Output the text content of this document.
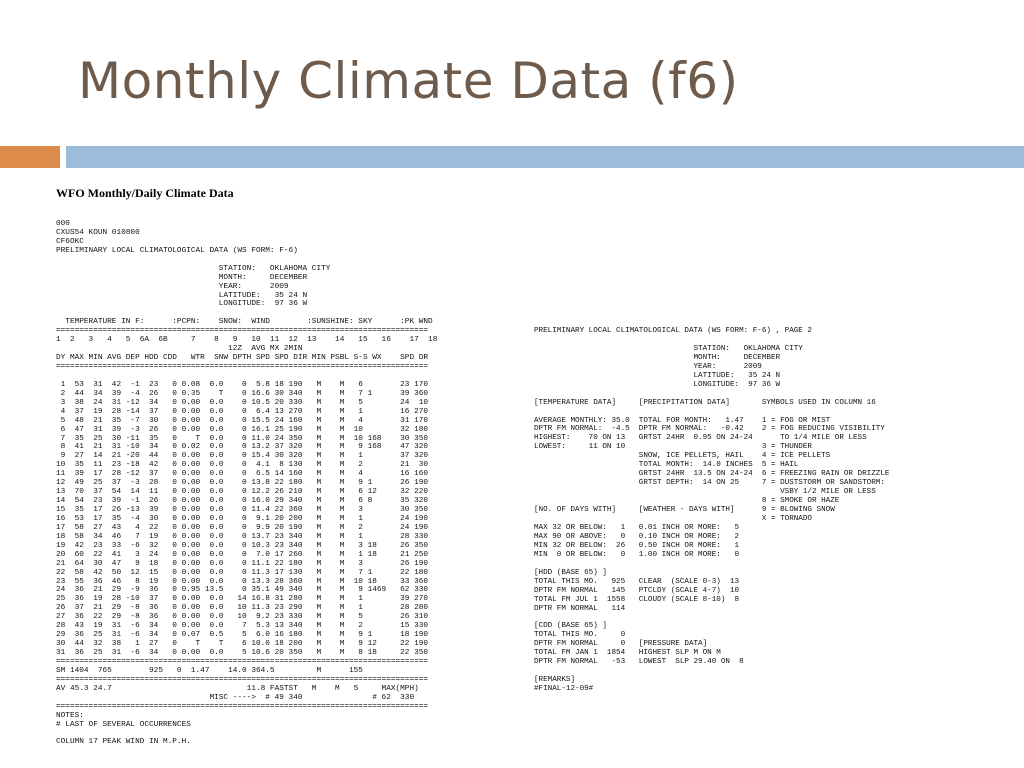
Monthly Climate Data (f6)
WFO Monthly/Daily Climate Data
000
CXUS54 KOUN 010800
CF6OKC
PRELIMINARY LOCAL CLIMATOLOGICAL DATA (WS FORM: F-6)

STATION:   OKLAHOMA CITY
MONTH:     DECEMBER
YEAR:      2009
LATITUDE:   35 24 N
LONGITUDE:  97 36 W

TEMPERATURE IN F:      :PCPN:    SNOW:  WIND        :SUNSHINE: SKY      :PK WND
================================================================================
1  2   3   4   5  6A  6B     7    8   9   10  11  12  13    14   15   16    17  18
12Z  AVG MX 2MIN
DY MAX MIN AVG DEP HDD CDD   WTR  SNW DPTH SPD SPD DIR MIN PSBL S-S WX    SPD DR
================================================================================

1  53  31  42  -1  23   0 0.08  0.0    0  5.8 18 190   M    M   6        23 170
2  44  34  39  -4  26   0 0.35    T    0 16.6 30 340   M    M   7 1      39 360
3  38  24  31 -12  34   0 0.00  0.0    0 10.5 20 330   M    M   5        24  10
4  37  19  28 -14  37   0 0.00  0.0    0  6.4 13 270   M    M   1        16 270
5  48  21  35  -7  30   0 0.00  0.0    0 15.5 24 160   M    M   4        31 170
6  47  31  39  -3  26   0 0.00  0.0    0 16.1 25 190   M    M  10        32 180
7  35  25  30 -11  35   0    T  0.0    0 11.0 24 350   M    M  10 168    30 350
8  41  21  31 -10  34   0 0.02  0.0    0 13.2 37 320   M    M   9 168    47 320
9  27  14  21 -20  44   0 0.00  0.0    0 15.4 30 320   M    M   1        37 320
10  35  11  23 -18  42   0 0.00  0.0    0  4.1  8 130   M    M   2        21  30
11  39  17  28 -12  37   0 0.00  0.0    0  6.5 14 160   M    M   4        16 160
12  49  25  37  -3  28   0 0.00  0.0    0 13.8 22 180   M    M   9 1      26 190
13  70  37  54  14  11   0 0.00  0.0    0 12.2 26 210   M    M   6 12     32 220
14  54  23  39  -1  26   0 0.00  0.0    0 16.0 29 340   M    M   6 8      35 320
15  35  17  26 -13  39   0 0.00  0.0    0 11.4 22 360   M    M   3        30 350
16  53  17  35  -4  30   0 0.00  0.0    0  9.1 20 200   M    M   1        24 190
17  58  27  43   4  22   0 0.00  0.0    0  9.9 20 190   M    M   2        24 190
18  58  34  46   7  19   0 0.00  0.0    0 13.7 23 340   M    M   1        28 330
19  42  23  33  -6  32   0 0.00  0.0    0 10.3 23 340   M    M   3 18     26 350
20  60  22  41   3  24   0 0.00  0.0    0  7.0 17 260   M    M   1 18     21 250
21  64  30  47   9  18   0 0.00  0.0    0 11.1 22 180   M    M   3        26 190
22  58  42  50  12  15   0 0.00  0.0    0 11.3 17 130   M    M   7 1      22 180
23  55  36  46   8  19   0 0.00  0.0    0 13.3 28 360   M    M  10 18     33 360
24  36  21  29  -9  36   0 0.95 13.5    0 35.1 49 340   M    M   9 1469   62 330
25  36  19  28 -10  37   0 0.00  0.0   14 16.8 31 280   M    M   1        39 270
26  37  21  29  -8  36   0 0.00  0.0   10 11.3 23 290   M    M   1        28 280
27  36  22  29  -8  36   0 0.00  0.0   10  9.2 23 330   M    M   5        26 310
28  43  19  31  -6  34   0 0.00  0.0    7  5.3 13 340   M    M   2        15 330
29  36  25  31  -6  34   0 0.07  0.5    5  6.0 16 180   M    M   9 1      18 190
30  44  32  38   1  27   0    T    T    6 10.0 18 200   M    M   9 12     22 190
31  36  25  31  -6  34   0 0.00  0.0    5 10.6 20 350   M    M   8 18     22 350
================================================================================
SM 1404  765        925   0  1.47    14.0 364.5         M      155
================================================================================
AV 45.3 24.7                             11.8 FASTST   M    M   5     MAX(MPH)
MISC ---->  # 49 340               # 62  330
================================================================================
NOTES:
# LAST OF SEVERAL OCCURRENCES

COLUMN 17 PEAK WIND IN M.P.H.
PRELIMINARY LOCAL CLIMATOLOGICAL DATA (WS FORM: F-6) , PAGE 2

STATION:   OKLAHOMA CITY
MONTH:     DECEMBER
YEAR:      2009
LATITUDE:   35 24 N
LONGITUDE:  97 36 W

[TEMPERATURE DATA]     [PRECIPITATION DATA]       SYMBOLS USED IN COLUMN 16

AVERAGE MONTHLY: 35.0  TOTAL FOR MONTH:   1.47    1 = FOG OR MIST
DPTR FM NORMAL:  -4.5  DPTR FM NORMAL:   -0.42    2 = FOG REDUCING VISIBILITY
HIGHEST:    70 ON 13   GRTST 24HR  0.95 ON 24-24      TO 1/4 MILE OR LESS
LOWEST:     11 ON 10                              3 = THUNDER
SNOW, ICE PELLETS, HAIL    4 = ICE PELLETS
TOTAL MONTH:  14.0 INCHES  5 = HAIL
GRTST 24HR  13.5 ON 24-24  6 = FREEZING RAIN OR DRIZZLE
GRTST DEPTH:  14 ON 25     7 = DUSTSTORM OR SANDSTORM:
VSBY 1/2 MILE OR LESS
8 = SMOKE OR HAZE
[NO. OF DAYS WITH]     [WEATHER - DAYS WITH]      9 = BLOWING SNOW
X = TORNADO
MAX 32 OR BELOW:   1   0.01 INCH OR MORE:   5
MAX 90 OR ABOVE:   0   0.10 INCH OR MORE:   2
MIN 32 OR BELOW:  26   0.50 INCH OR MORE:   1
MIN  0 OR BELOW:   0   1.00 INCH OR MORE:   0

[HDD (BASE 65) ]
TOTAL THIS MO.   925   CLEAR  (SCALE 0-3)  13
DPTR FM NORMAL   145   PTCLDY (SCALE 4-7)  10
TOTAL FM JUL 1  1558   CLOUDY (SCALE 8-10)  8
DPTR FM NORMAL   114

[CDD (BASE 65) ]
TOTAL THIS MO.     0
DPTR FM NORMAL     0   [PRESSURE DATA]
TOTAL FM JAN 1  1854   HIGHEST SLP M ON M
DPTR FM NORMAL   -53   LOWEST  SLP 29.40 ON  8

[REMARKS]
#FINAL-12-09#
